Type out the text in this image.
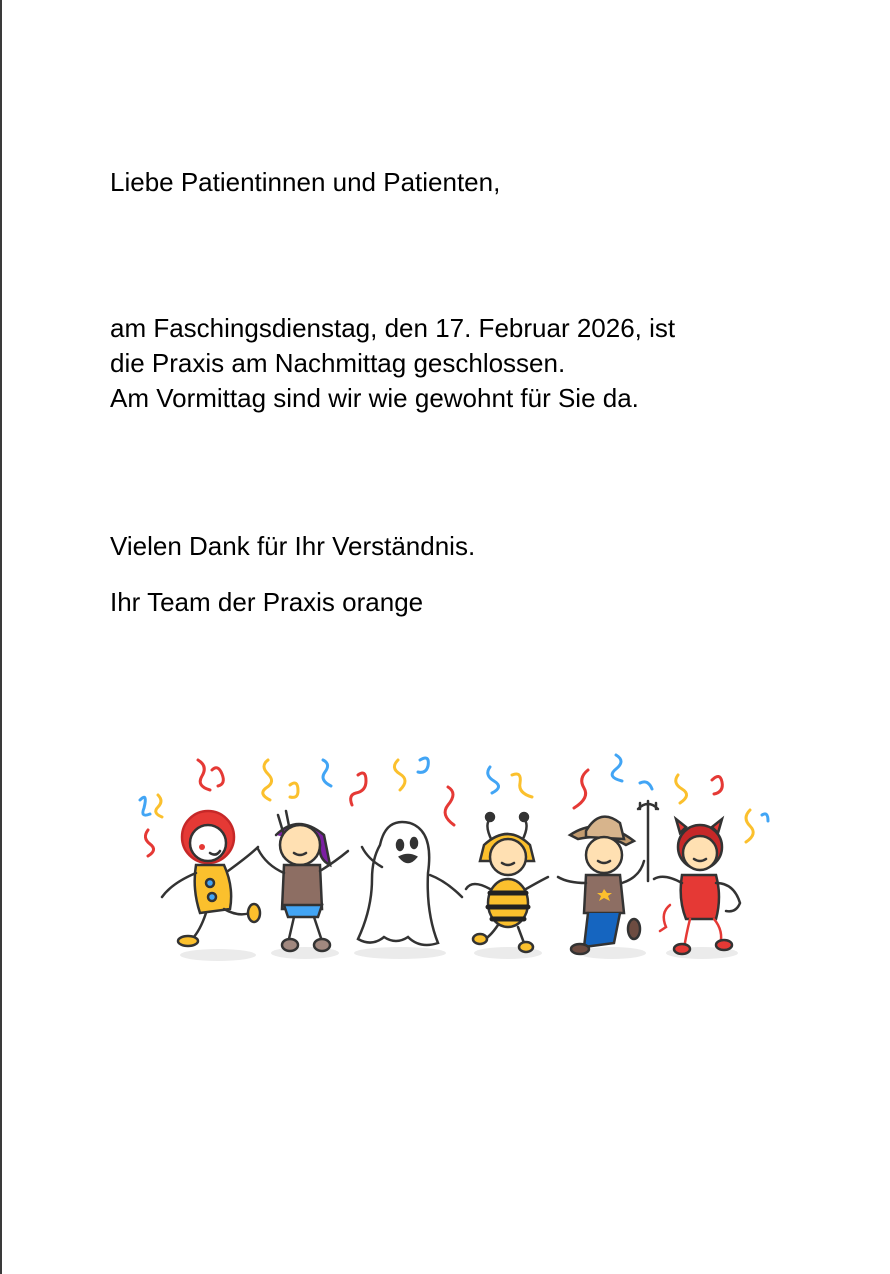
Liebe Patientinnen und Patienten,
am Faschingsdienstag, den 17. Februar 2026, ist
die Praxis am Nachmittag geschlossen.
Am Vormittag sind wir wie gewohnt für Sie da.
Vielen Dank für Ihr Verständnis.
Ihr Team der Praxis orange
